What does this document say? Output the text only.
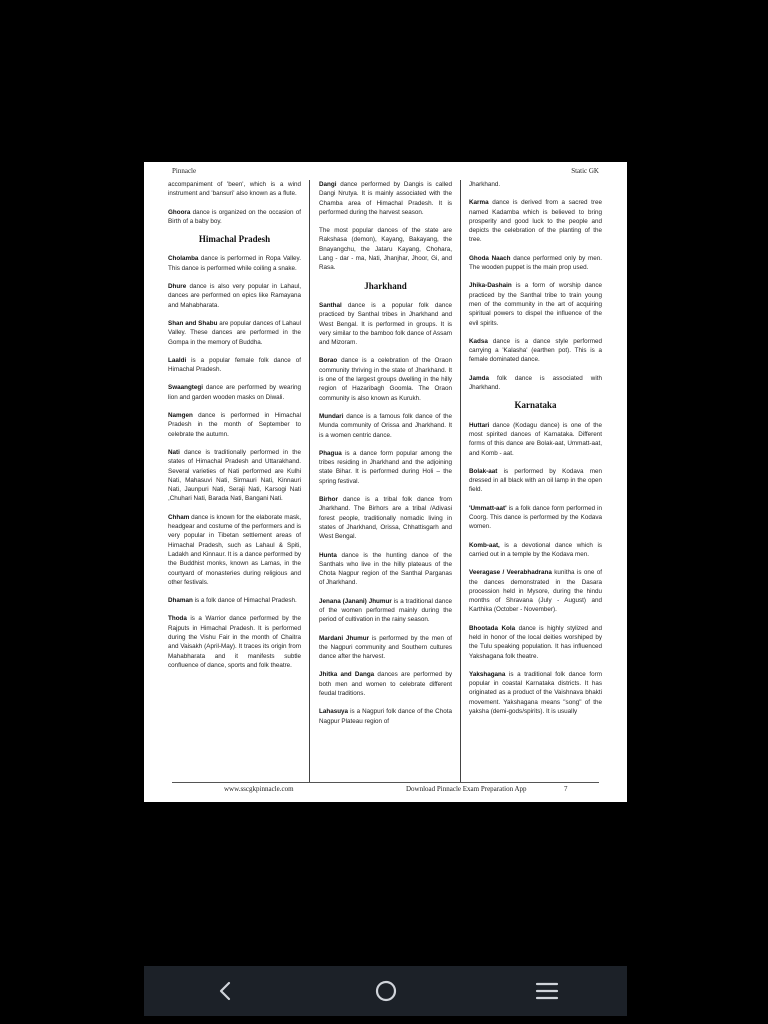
Pinnacle	Static GK

accompaniment of 'been', which is a wind instrument and 'bansuri' also known as a flute.

Ghoora dance is organized on the occasion of Birth of a baby boy.

Himachal Pradesh

Cholamba dance is performed in Ropa Valley. This dance is performed while coiling a snake.

Dhure dance is also very popular in Lahaul, dances are performed on epics like Ramayana and Mahabharata.

Shan and Shabu are popular dances of Lahaul Valley. These dances are performed in the Gompa in the memory of Buddha.

Laaldi is a popular female folk dance of Himachal Pradesh.

Swaangtegi dance are performed by wearing lion and garden wooden masks on Diwali.

Namgen dance is performed in Himachal Pradesh in the month of September to celebrate the autumn.

Nati dance is traditionally performed in the states of Himachal Pradesh and Uttarakhand. Several varieties of Nati performed are Kulhi Nati, Mahasuvi Nati, Sirmauri Nati, Kinnauri Nati, Jaunpuri Nati, Seraji Nati, Karsogi Nati ,Chuhari Nati, Barada Nati, Bangani Nati.

Chham dance is known for the elaborate mask, headgear and costume of the performers and is very popular in Tibetan settlement areas of Himachal Pradesh, such as Lahaul & Spiti, Ladakh and Kinnaur. It is a dance performed by the Buddhist monks, known as Lamas, in the courtyard of monasteries during religious and other festivals.

Dhaman is a folk dance of Himachal Pradesh.

Thoda is a Warrior dance performed by the Rajputs in Himachal Pradesh. It is performed during the Vishu Fair in the month of Chaitra and Vaisakh (April-May). It traces its origin from Mahabharata and it manifests subtle confluence of dance, sports and folk theatre.

Dangi dance performed by Dangis is called Dangi Nrutya. It is mainly associated with the Chamba area of Himachal Pradesh. It is performed during the harvest season.

The most popular dances of the state are Rakshasa (demon), Kayang, Bakayang, the Bnayangchu, the Jataru Kayang, Chohara, Lang - dar - ma, Nati, Jhanjhar, Jhoor, Gi, and Rasa.

Jharkhand

Santhal dance is a popular folk dance practiced by Santhal tribes in Jharkhand and West Bengal. It is performed in groups. It is very similar to the bamboo folk dance of Assam and Mizoram.

Borao dance is a celebration of the Oraon community thriving in the state of Jharkhand. It is one of the largest groups dwelling in the hilly region of Hazaribagh Goomla. The Oraon community is also known as Kurukh.

Mundari dance is a famous folk dance of the Munda community of Orissa and Jharkhand. It is a women centric dance.

Phagua is a dance form popular among the tribes residing in Jharkhand and the adjoining state Bihar. It is performed during Holi – the spring festival.

Birhor dance is a tribal folk dance from Jharkhand. The Birhors are a tribal /Adivasi forest people, traditionally nomadic living in states of Jharkhand, Orissa, Chhattisgarh and West Bengal.

Hunta dance is the hunting dance of the Santhals who live in the hilly plateaus of the Chota Nagpur region of the Santhal Parganas of Jharkhand.

Jenana (Janani) Jhumur is a traditional dance of the women performed mainly during the period of cultivation in the rainy season.

Mardani Jhumur is performed by the men of the Nagpuri community and Southern cultures dance after the harvest.

Jhitka and Danga dances are performed by both men and women to celebrate different feudal traditions.

Lahasuya is a Nagpuri folk dance of the Chota Nagpur Plateau region of

Jharkhand.

Karma dance is derived from a sacred tree named Kadamba which is believed to bring prosperity and good luck to the people and depicts the celebration of the planting of the tree.

Ghoda Naach dance performed only by men. The wooden puppet is the main prop used.

Jhika-Dashain is a form of worship dance practiced by the Santhal tribe to train young men of the community in the art of acquiring spiritual powers to dispel the influence of the evil spirits.

Kadsa dance is a dance style performed carrying a 'Kalasha' (earthen pot). This is a female dominated dance.

Jamda folk dance is associated with Jharkhand.

Karnataka

Huttari dance (Kodagu dance) is one of the most spirited dances of Karnataka. Different forms of this dance are Bolak-aat, Ummatt-aat, and Komb - aat.

Bolak-aat is performed by Kodava men dressed in all black with an oil lamp in the open field.

'Ummatt-aat' is a folk dance form performed in Coorg. This dance is performed by the Kodava women.

Komb-aat, is a devotional dance which is carried out in a temple by the Kodava men.

Veeragase / Veerabhadrana kunitha is one of the dances demonstrated in the Dasara procession held in Mysore, during the hindu months of Shravana (July - August) and Karthika (October - November).

Bhootada Kola dance is highly stylized and held in honor of the local deities worshiped by the Tulu speaking population. It has influenced Yakshagana folk theatre.

Yakshagana is a traditional folk dance form popular in coastal Karnataka districts. It has originated as a product of the Vaishnava bhakti movement. Yakshagana means "song" of the yaksha (demi-gods/spirits). It is usually

www.sscgkpinnacle.com	Download Pinnacle Exam Preparation App	7
